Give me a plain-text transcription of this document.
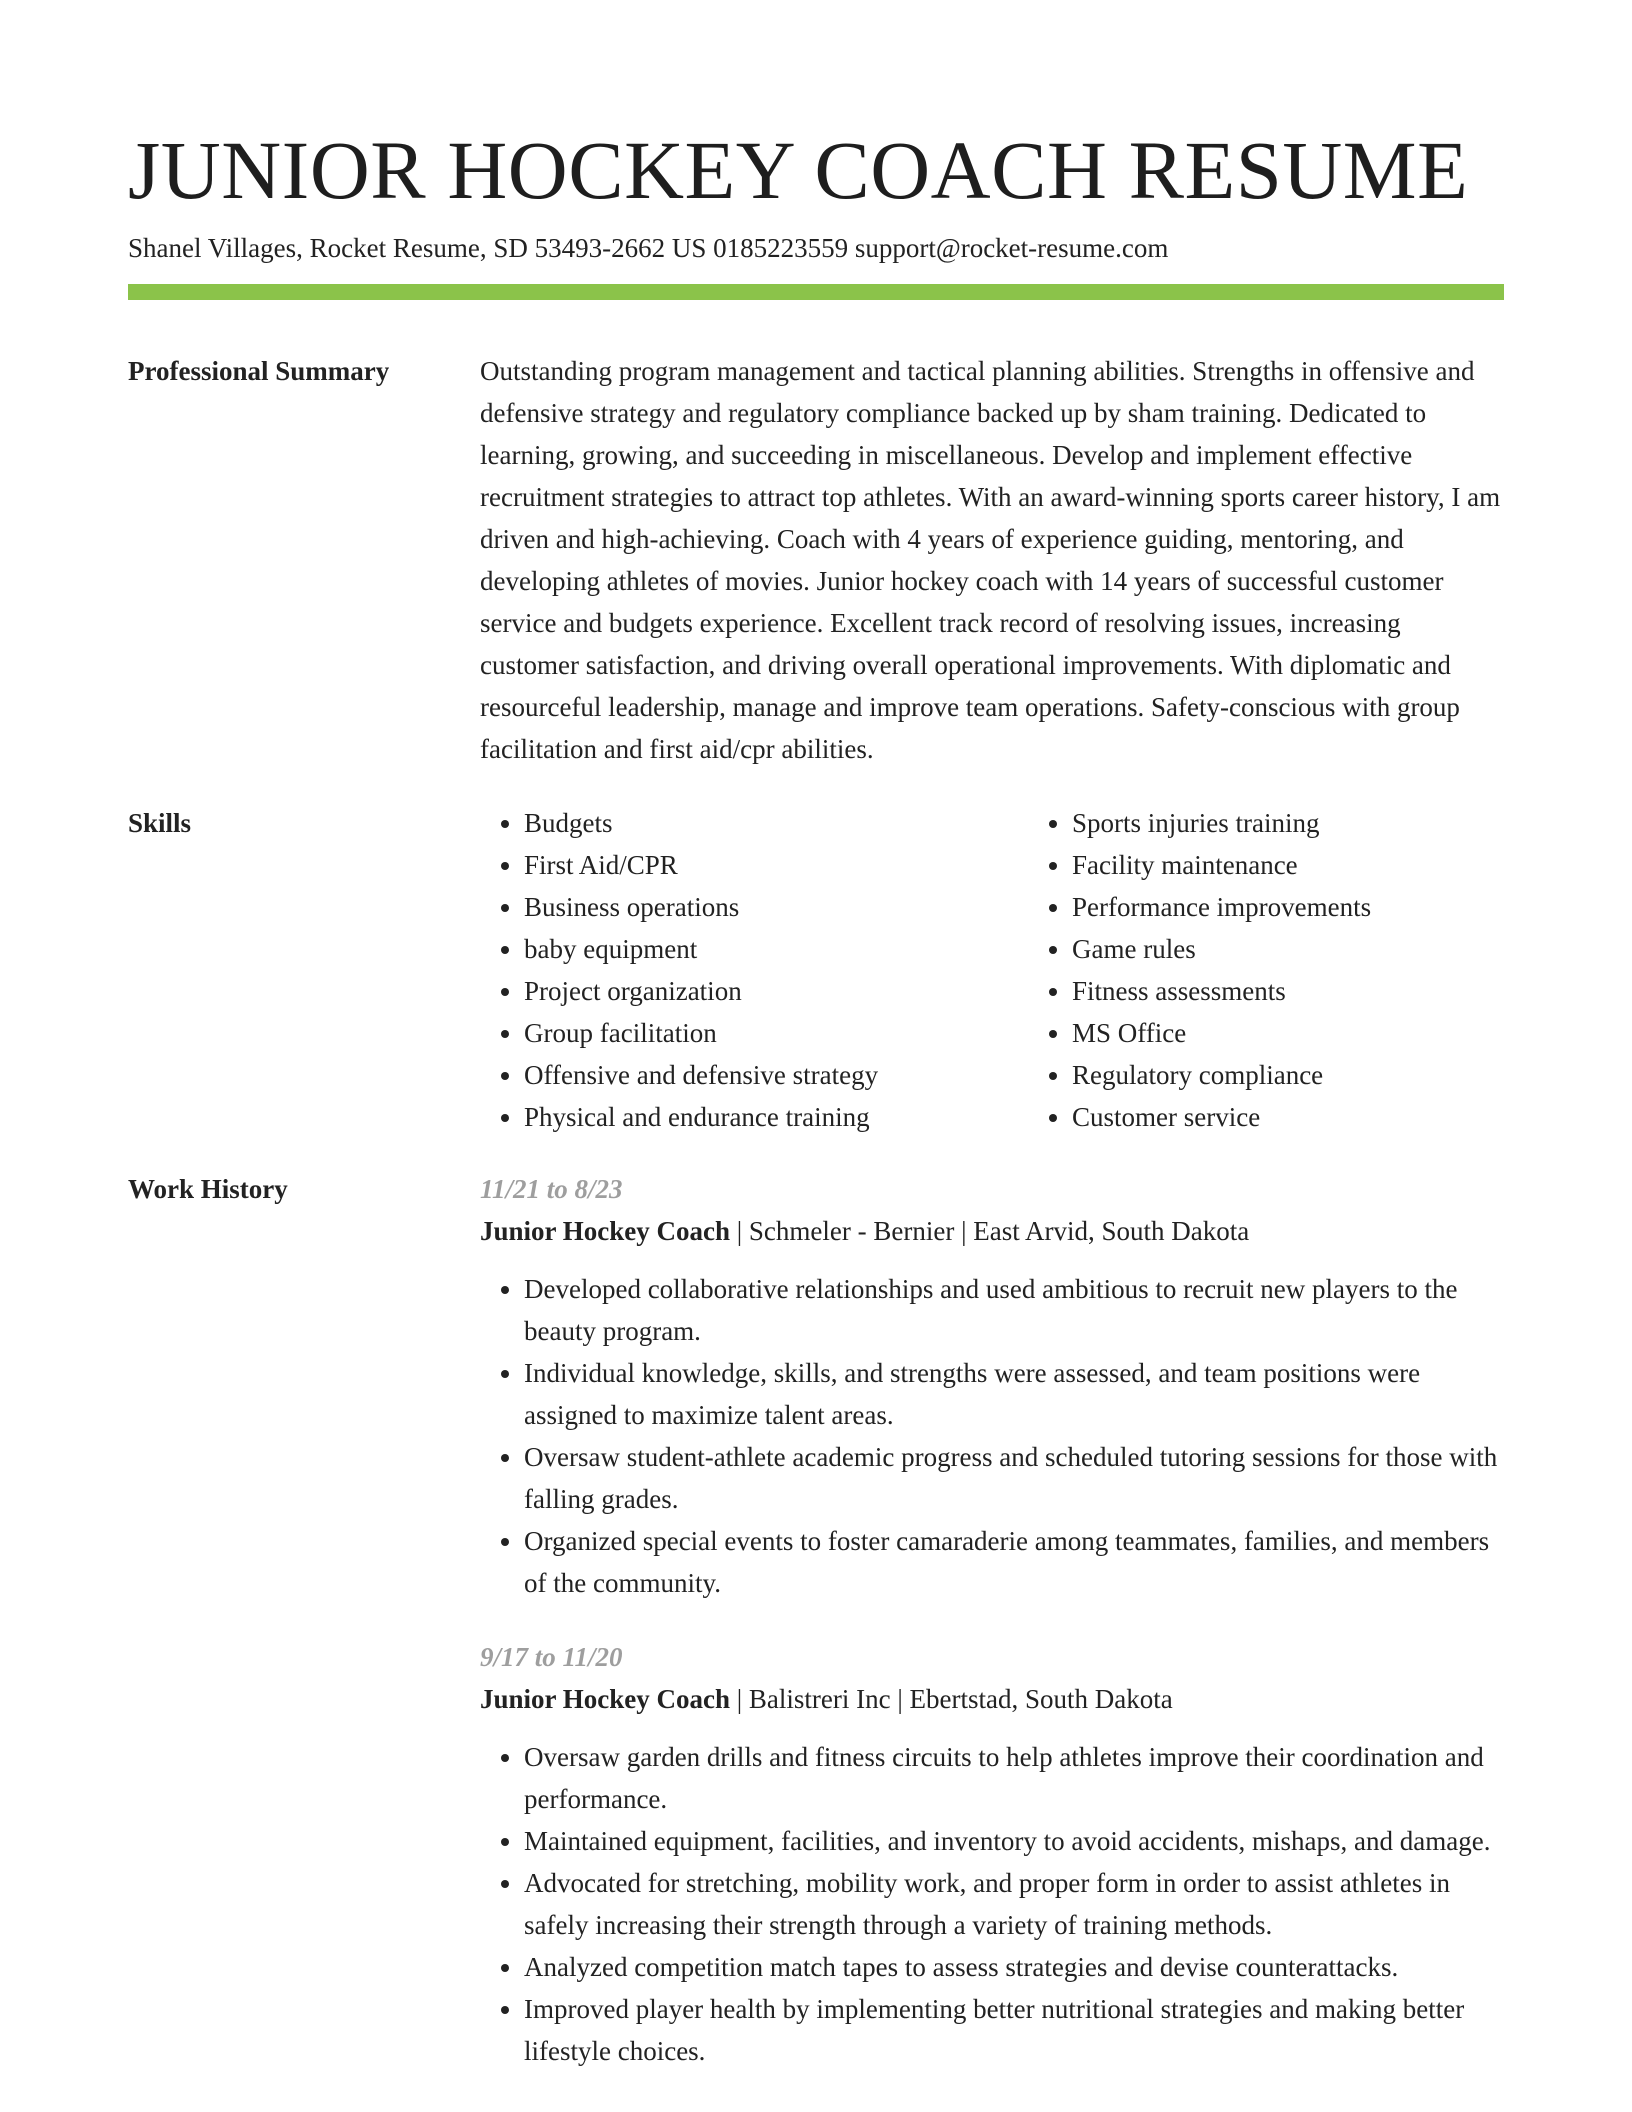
JUNIOR HOCKEY COACH RESUME
Shanel Villages, Rocket Resume, SD 53493-2662 US 0185223559 support@rocket-resume.com
Professional Summary	Outstanding program management and tactical planning abilities. Strengths in offensive and defensive strategy and regulatory compliance backed up by sham training. Dedicated to learning, growing, and succeeding in miscellaneous. Develop and implement effective recruitment strategies to attract top athletes. With an award-winning sports career history, I am driven and high-achieving. Coach with 4 years of experience guiding, mentoring, and developing athletes of movies. Junior hockey coach with 14 years of successful customer service and budgets experience. Excellent track record of resolving issues, increasing customer satisfaction, and driving overall operational improvements. With diplomatic and resourceful leadership, manage and improve team operations. Safety-conscious with group facilitation and first aid/cpr abilities.
Skills
•	Budgets
• First Aid/CPR
• Business operations
• baby equipment
• Project organization
• Group facilitation
• Offensive and defensive strategy
• Physical and endurance training
• Sports injuries training
• Facility maintenance
• Performance improvements
• Game rules
• Fitness assessments
• MS Office
• Regulatory compliance
• Customer service
Work History	11/21 to 8/23
Junior Hockey Coach | Schmeler - Bernier | East Arvid, South Dakota
• Developed collaborative relationships and used ambitious to recruit new players to the beauty program.
• Individual knowledge, skills, and strengths were assessed, and team positions were assigned to maximize talent areas.
• Oversaw student-athlete academic progress and scheduled tutoring sessions for those with falling grades.
• Organized special events to foster camaraderie among teammates, families, and members of the community.
9/17 to 11/20
Junior Hockey Coach | Balistreri Inc | Ebertstad, South Dakota
• Oversaw garden drills and fitness circuits to help athletes improve their coordination and performance.
• Maintained equipment, facilities, and inventory to avoid accidents, mishaps, and damage.
• Advocated for stretching, mobility work, and proper form in order to assist athletes in safely increasing their strength through a variety of training methods.
• Analyzed competition match tapes to assess strategies and devise counterattacks.
• Improved player health by implementing better nutritional strategies and making better lifestyle choices.
